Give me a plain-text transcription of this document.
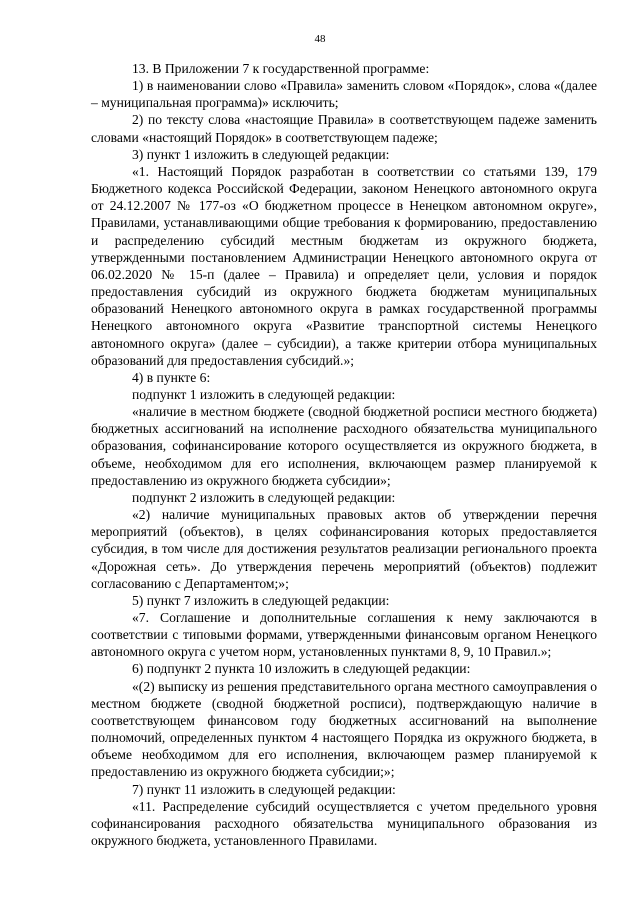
48

13. В Приложении 7 к государственной программе:

1) в наименовании слово «Правила» заменить словом «Порядок», слова «(далее – муниципальная программа)» исключить;

2) по тексту слова «настоящие Правила» в соответствующем падеже заменить словами «настоящий Порядок» в соответствующем падеже;

3) пункт 1 изложить в следующей редакции:

«1. Настоящий Порядок разработан в соответствии со статьями 139, 179 Бюджетного кодекса Российской Федерации, законом Ненецкого автономного округа от 24.12.2007 № 177-оз «О бюджетном процессе в Ненецком автономном округе», Правилами, устанавливающими общие требования к формированию, предоставлению и распределению субсидий местным бюджетам из окружного бюджета, утвержденными постановлением Администрации Ненецкого автономного округа от 06.02.2020 № 15-п (далее – Правила) и определяет цели, условия и порядок предоставления субсидий из окружного бюджета бюджетам муниципальных образований Ненецкого автономного округа в рамках государственной программы Ненецкого автономного округа «Развитие транспортной системы Ненецкого автономного округа» (далее – субсидии), а также критерии отбора муниципальных образований для предоставления субсидий.»;

4) в пункте 6:

подпункт 1 изложить в следующей редакции:

«наличие в местном бюджете (сводной бюджетной росписи местного бюджета) бюджетных ассигнований на исполнение расходного обязательства муниципального образования, софинансирование которого осуществляется из окружного бюджета, в объеме, необходимом для его исполнения, включающем размер планируемой к предоставлению из окружного бюджета субсидии»;

подпункт 2 изложить в следующей редакции:

«2) наличие муниципальных правовых актов об утверждении перечня мероприятий (объектов), в целях софинансирования которых предоставляется субсидия, в том числе для достижения результатов реализации регионального проекта «Дорожная сеть». До утверждения перечень мероприятий (объектов) подлежит согласованию с Департаментом;»;

5) пункт 7 изложить в следующей редакции:

«7. Соглашение и дополнительные соглашения к нему заключаются в соответствии с типовыми формами, утвержденными финансовым органом Ненецкого автономного округа с учетом норм, установленных пунктами 8, 9, 10 Правил.»;

6) подпункт 2 пункта 10 изложить в следующей редакции:

«(2) выписку из решения представительного органа местного самоуправления о местном бюджете (сводной бюджетной росписи), подтверждающую наличие в соответствующем финансовом году бюджетных ассигнований на выполнение полномочий, определенных пунктом 4 настоящего Порядка из окружного бюджета, в объеме необходимом для его исполнения, включающем размер планируемой к предоставлению из окружного бюджета субсидии;»;

7) пункт 11 изложить в следующей редакции:

«11. Распределение субсидий осуществляется с учетом предельного уровня софинансирования расходного обязательства муниципального образования из окружного бюджета, установленного Правилами.
